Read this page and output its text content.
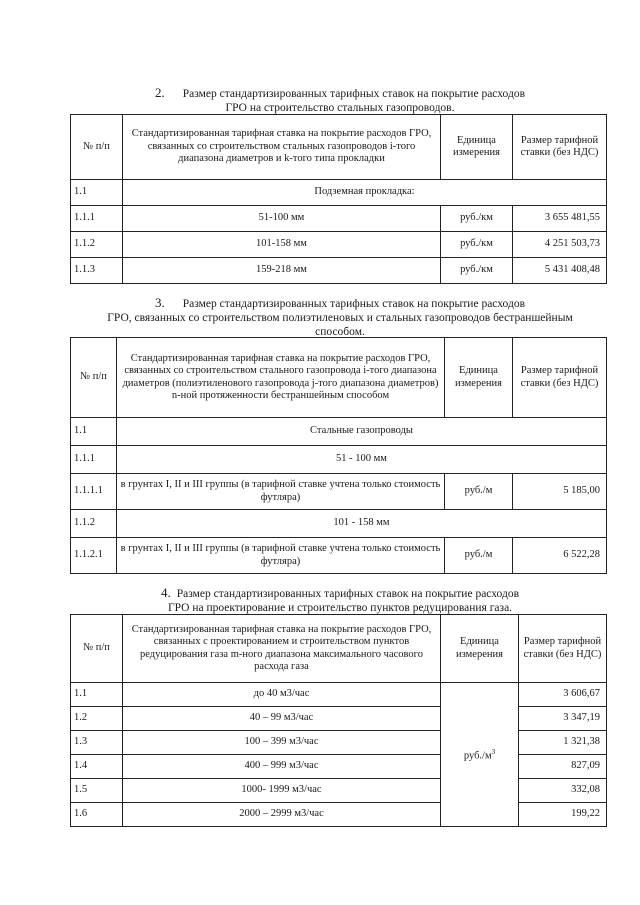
2. Размер стандартизированных тарифных ставок на покрытие расходов
ГРО на строительство стальных газопроводов.
№ п/п	Стандартизированная тарифная ставка на покрытие расходов ГРО, связанных со строительством стальных газопроводов i-того диапазона диаметров и k-того типа прокладки	Единица измерения	Размер тарифной ставки (без НДС)
1.1	Подземная прокладка:		
1.1.1	51-100 мм	руб./км	3 655 481,55
1.1.2	101-158 мм	руб./км	4 251 503,73
1.1.3	159-218 мм	руб./км	5 431 408,48
3. Размер стандартизированных тарифных ставок на покрытие расходов
ГРО, связанных со строительством полиэтиленовых и стальных газопроводов бестраншейным
способом.
№ п/п	Стандартизированная тарифная ставка на покрытие расходов ГРО, связанных со строительством стального газопровода i-того диапазона диаметров (полиэтиленового газопровода j-того диапазона диаметров) n-ной протяженности бестраншейным способом	Единица измерения	Размер тарифной ставки (без НДС)
1.1	Стальные газопроводы		
1.1.1	51 - 100 мм		
1.1.1.1	в грунтах I, II и III группы (в тарифной ставке учтена только стоимость футляра)	руб./м	5 185,00
1.1.2	101 - 158 мм		
1.1.2.1	в грунтах I, II и III группы (в тарифной ставке учтена только стоимость футляра)	руб./м	6 522,28
4. Размер стандартизированных тарифных ставок на покрытие расходов
ГРО на проектирование и строительство пунктов редуцирования газа.
№ п/п	Стандартизированная тарифная ставка на покрытие расходов ГРО, связанных с проектированием и строительством пунктов редуцирования газа m-ного диапазона максимального часового расхода газа	Единица измерения	Размер тарифной ставки (без НДС)
1.1	до 40 м3/час	$руб./м^3$	3 606,67
1.2	40 – 99 м3/час		3 347,19
1.3	100 – 399 м3/час		1 321,38
1.4	400 – 999 м3/час		827,09
1.5	1000- 1999 м3/час		332,08
1.6	2000 – 2999 м3/час		199,22
